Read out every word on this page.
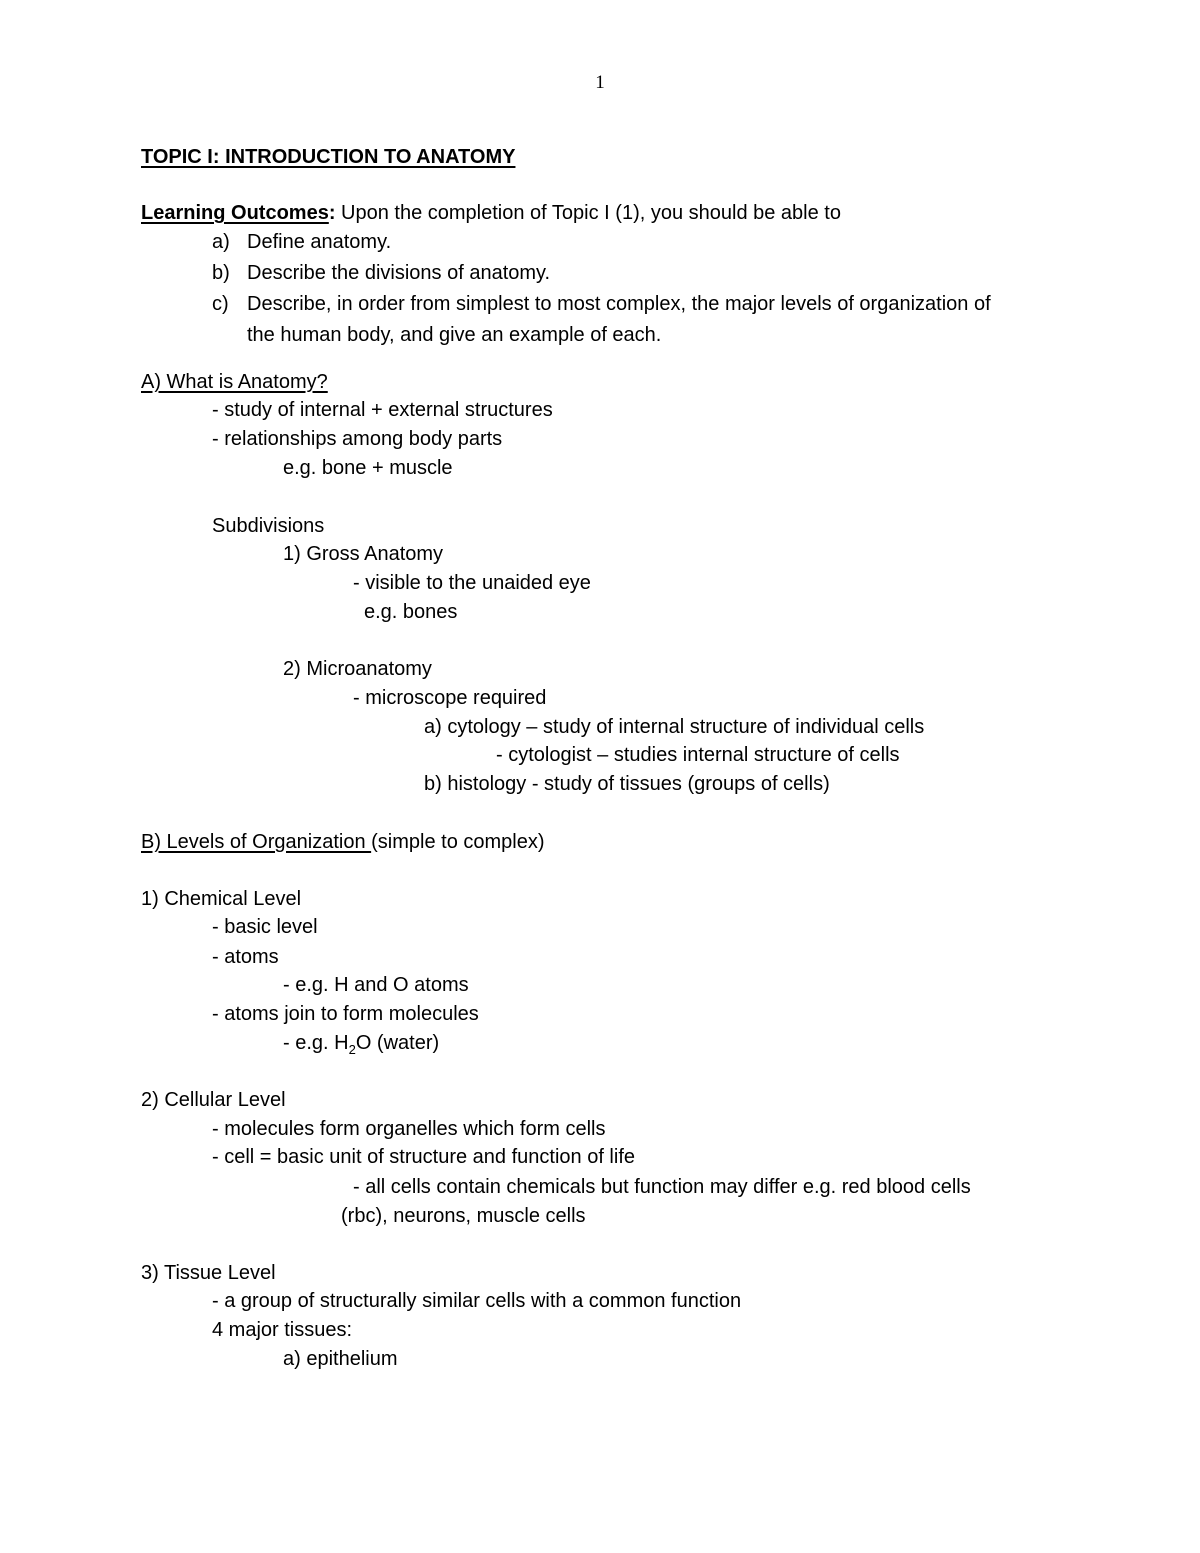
1
TOPIC I: INTRODUCTION TO ANATOMY
Learning Outcomes: Upon the completion of Topic I (1), you should be able to
a) Define anatomy.
b) Describe the divisions of anatomy.
c) Describe, in order from simplest to most complex, the major levels of organization of
the human body, and give an example of each.
A) What is Anatomy?
- study of internal + external structures
- relationships among body parts
e.g. bone + muscle
Subdivisions
1) Gross Anatomy
- visible to the unaided eye
e.g. bones
2) Microanatomy
- microscope required
a) cytology – study of internal structure of individual cells
- cytologist – studies internal structure of cells
b) histology - study of tissues (groups of cells)
B) Levels of Organization (simple to complex)
1) Chemical Level
- basic level
- atoms
- e.g. H and O atoms
- atoms join to form molecules
- e.g. $H_2O$ (water)
2) Cellular Level
- molecules form organelles which form cells
- cell = basic unit of structure and function of life
- all cells contain chemicals but function may differ e.g. red blood cells
(rbc), neurons, muscle cells
3) Tissue Level
- a group of structurally similar cells with a common function
4 major tissues:
a) epithelium
